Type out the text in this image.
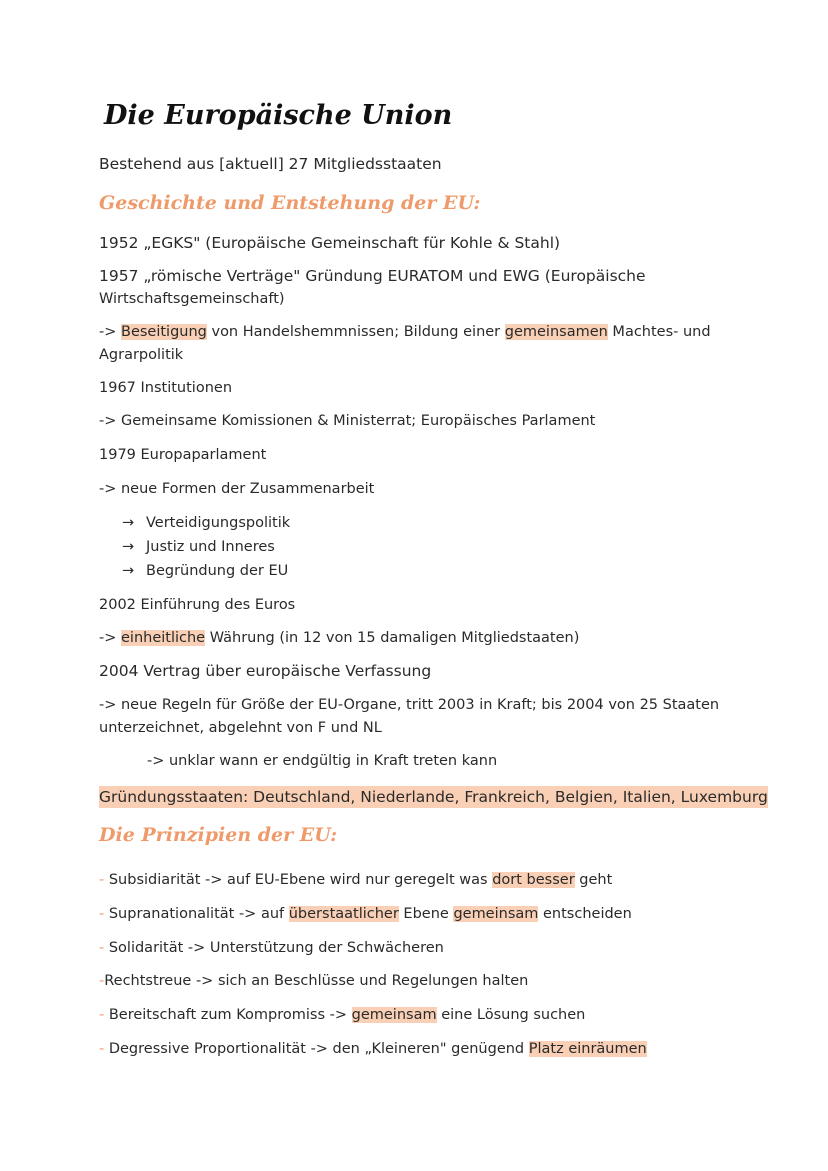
Die Europäische Union
Bestehend aus [aktuell] 27 Mitgliedsstaaten
Geschichte und Entstehung der EU:
1952 „EGKS" (Europäische Gemeinschaft für Kohle & Stahl)
1957 „römische Verträge" Gründung EURATOM und EWG (Europäische
Wirtschaftsgemeinschaft)
-> Beseitigung von Handelshemmnissen; Bildung einer gemeinsamen Machtes- und
Agrarpolitik
1967 Institutionen
-> Gemeinsame Komissionen & Ministerrat; Europäisches Parlament
1979 Europaparlament
-> neue Formen der Zusammenarbeit
→ Verteidigungspolitik
→ Justiz und Inneres
→ Begründung der EU
2002 Einführung des Euros
-> einheitliche Währung (in 12 von 15 damaligen Mitgliedstaaten)
2004 Vertrag über europäische Verfassung
-> neue Regeln für Größe der EU-Organe, tritt 2003 in Kraft; bis 2004 von 25 Staaten
unterzeichnet, abgelehnt von F und NL
-> unklar wann er endgültig in Kraft treten kann
Gründungsstaaten: Deutschland, Niederlande, Frankreich, Belgien, Italien, Luxemburg
Die Prinzipien der EU:
- Subsidiarität -> auf EU-Ebene wird nur geregelt was dort besser geht
- Supranationalität -> auf überstaatlicher Ebene gemeinsam entscheiden
- Solidarität -> Unterstützung der Schwächeren
-Rechtstreue -> sich an Beschlüsse und Regelungen halten
- Bereitschaft zum Kompromiss -> gemeinsam eine Lösung suchen
- Degressive Proportionalität -> den „Kleineren" genügend Platz einräumen
